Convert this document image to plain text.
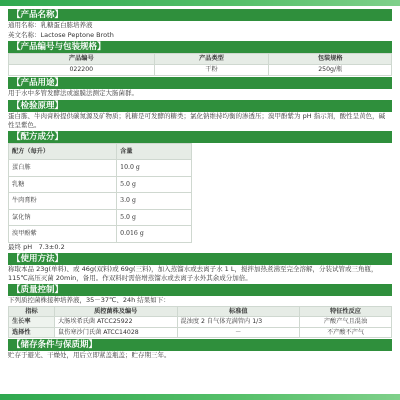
【产品名称】
通用名称：乳糖蛋白胨培养液
英文名称：Lactose Peptone Broth
【产品编号与包装规格】
产品编号	产品类型	包装规格
022200	干粉	250g/瓶
【产品用途】
用于水中多管发酵法或滤膜法测定大肠菌群。
【检验原理】
蛋白胨、牛肉膏粉提供碳氮源及矿物质；乳糖是可发酵的糖类；氯化钠维持均衡的渗透压；溴甲酚紫为 pH 指示剂，酸性呈黄色，碱性呈紫色。
【配方成分】
配方（每升）	含量
蛋白胨	10.0 g
乳糖	5.0 g
牛肉膏粉	3.0 g
氯化钠	5.0 g
溴甲酚紫	0.016 g
最终 pH　7.3±0.2
【使用方法】
称取本品 23g(单料)、或 46g(双料)或 69g(三料)，加入蒸馏水或去离子水 1 L，搅拌加热煮沸至完全溶解，分装试管或三角瓶，115℃高压灭菌 20min，备用。作双料时需倍增蒸馏水或去离子水外其余成分加倍。
【质量控制】
下列质控菌株接种培养液，35－37℃、24h 结果如下：
指标	质控菌株及编号	标准值	特征性反应
生长率	大肠埃希氏菌 ATCC25922	混浊度 2 自气体充满管内 1/3	产酸产气且混浊
选择性	鼠伤寒沙门氏菌 ATCC14028	－	不产酸不产气
【储存条件与保质期】
贮存于避光、干燥处，用后立即紧盖瓶盖；贮存期三年。
